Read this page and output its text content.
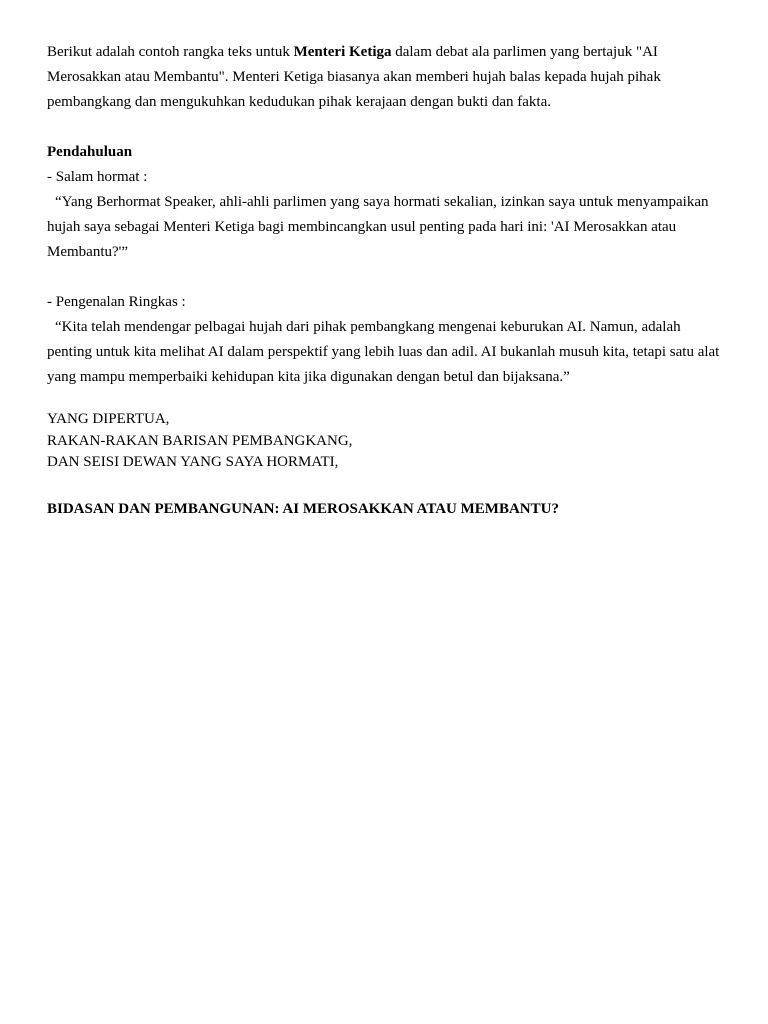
Berikut adalah contoh rangka teks untuk Menteri Ketiga dalam debat ala parlimen yang bertajuk "AI Merosakkan atau Membantu". Menteri Ketiga biasanya akan memberi hujah balas kepada hujah pihak pembangkang dan mengukuhkan kedudukan pihak kerajaan dengan bukti dan fakta.

Pendahuluan

- Salam hormat :

“Yang Berhormat Speaker, ahli-ahli parlimen yang saya hormati sekalian, izinkan saya untuk menyampaikan hujah saya sebagai Menteri Ketiga bagi membincangkan usul penting pada hari ini: 'AI Merosakkan atau Membantu?'”

- Pengenalan Ringkas :

“Kita telah mendengar pelbagai hujah dari pihak pembangkang mengenai keburukan AI. Namun, adalah penting untuk kita melihat AI dalam perspektif yang lebih luas dan adil. AI bukanlah musuh kita, tetapi satu alat yang mampu memperbaiki kehidupan kita jika digunakan dengan betul dan bijaksana.”

YANG DIPERTUA,

RAKAN-RAKAN BARISAN PEMBANGKANG,

DAN SEISI DEWAN YANG SAYA HORMATI,

BIDASAN DAN PEMBANGUNAN: AI MEROSAKKAN ATAU MEMBANTU?
